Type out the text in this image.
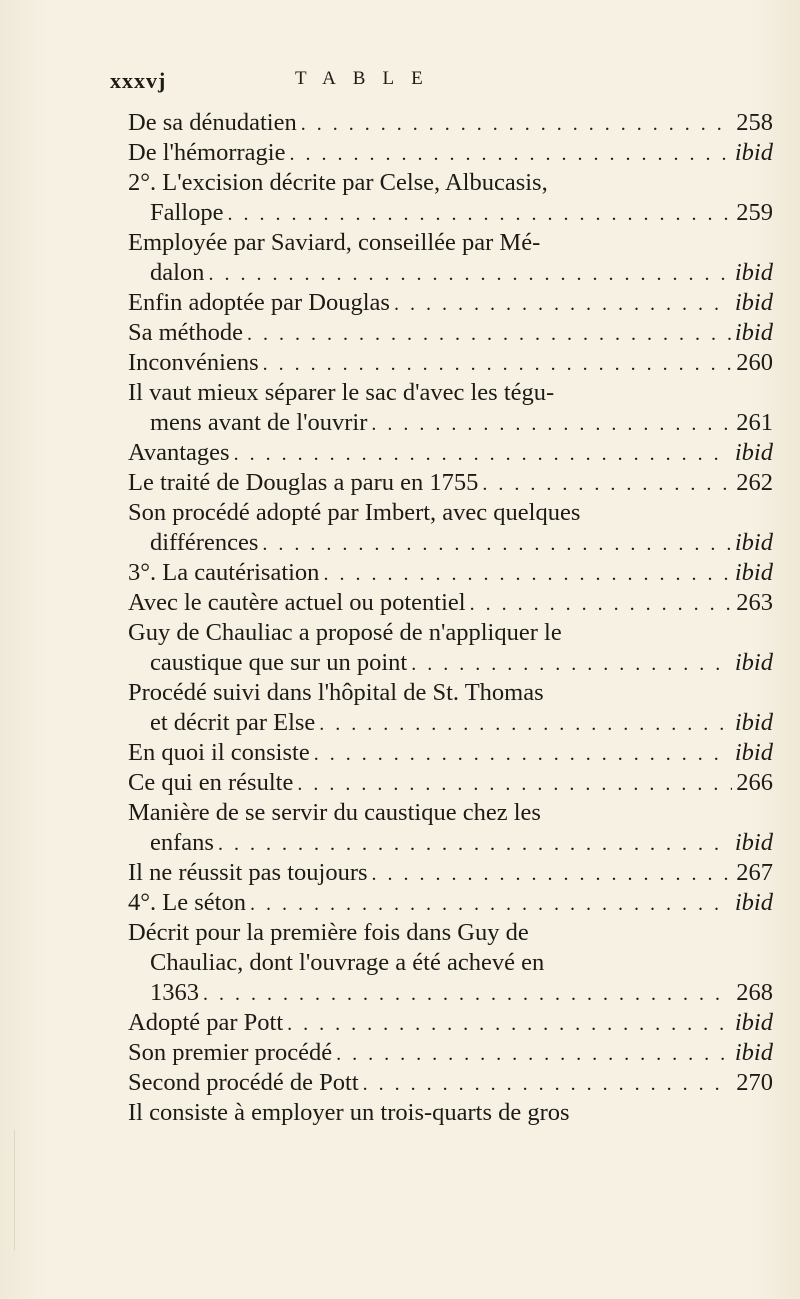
xxxvj	TABLE
De sa dénudatien . . .	258
De l'hémorragie . . .	ibid
2°. L'excision décrite par Celse, Albucasis,
Fallope . . .	259
Employée par Saviard, conseillée par Mé-
dalon . . .	ibid
Enfin adoptée par Douglas . . .	ibid
Sa méthode . . .	ibid
Inconvéniens . . .	260
Il vaut mieux séparer le sac d'avec les tégu-
mens avant de l'ouvrir . . .	261
Avantages . . .	ibid
Le traité de Douglas a paru en 1755 . . .	262
Son procédé adopté par Imbert, avec quelques
différences . . .	ibid
3°. La cautérisation . . .	ibid
Avec le cautère actuel ou potentiel . . .	263
Guy de Chauliac a proposé de n'appliquer le
caustique que sur un point . . .	ibid
Procédé suivi dans l'hôpital de St. Thomas
et décrit par Else . . .	ibid
En quoi il consiste . . .	ibid
Ce qui en résulte . . .	266
Manière de se servir du caustique chez les
enfans . . .	ibid
Il ne réussit pas toujours . . .	267
4°. Le séton . . .	ibid
Décrit pour la première fois dans Guy de
Chauliac, dont l'ouvrage a été achevé en
1363 . . .	268
Adopté par Pott . . .	ibid
Son premier procédé . . .	ibid
Second procédé de Pott . . .	270
Il consiste à employer un trois-quarts de gros
